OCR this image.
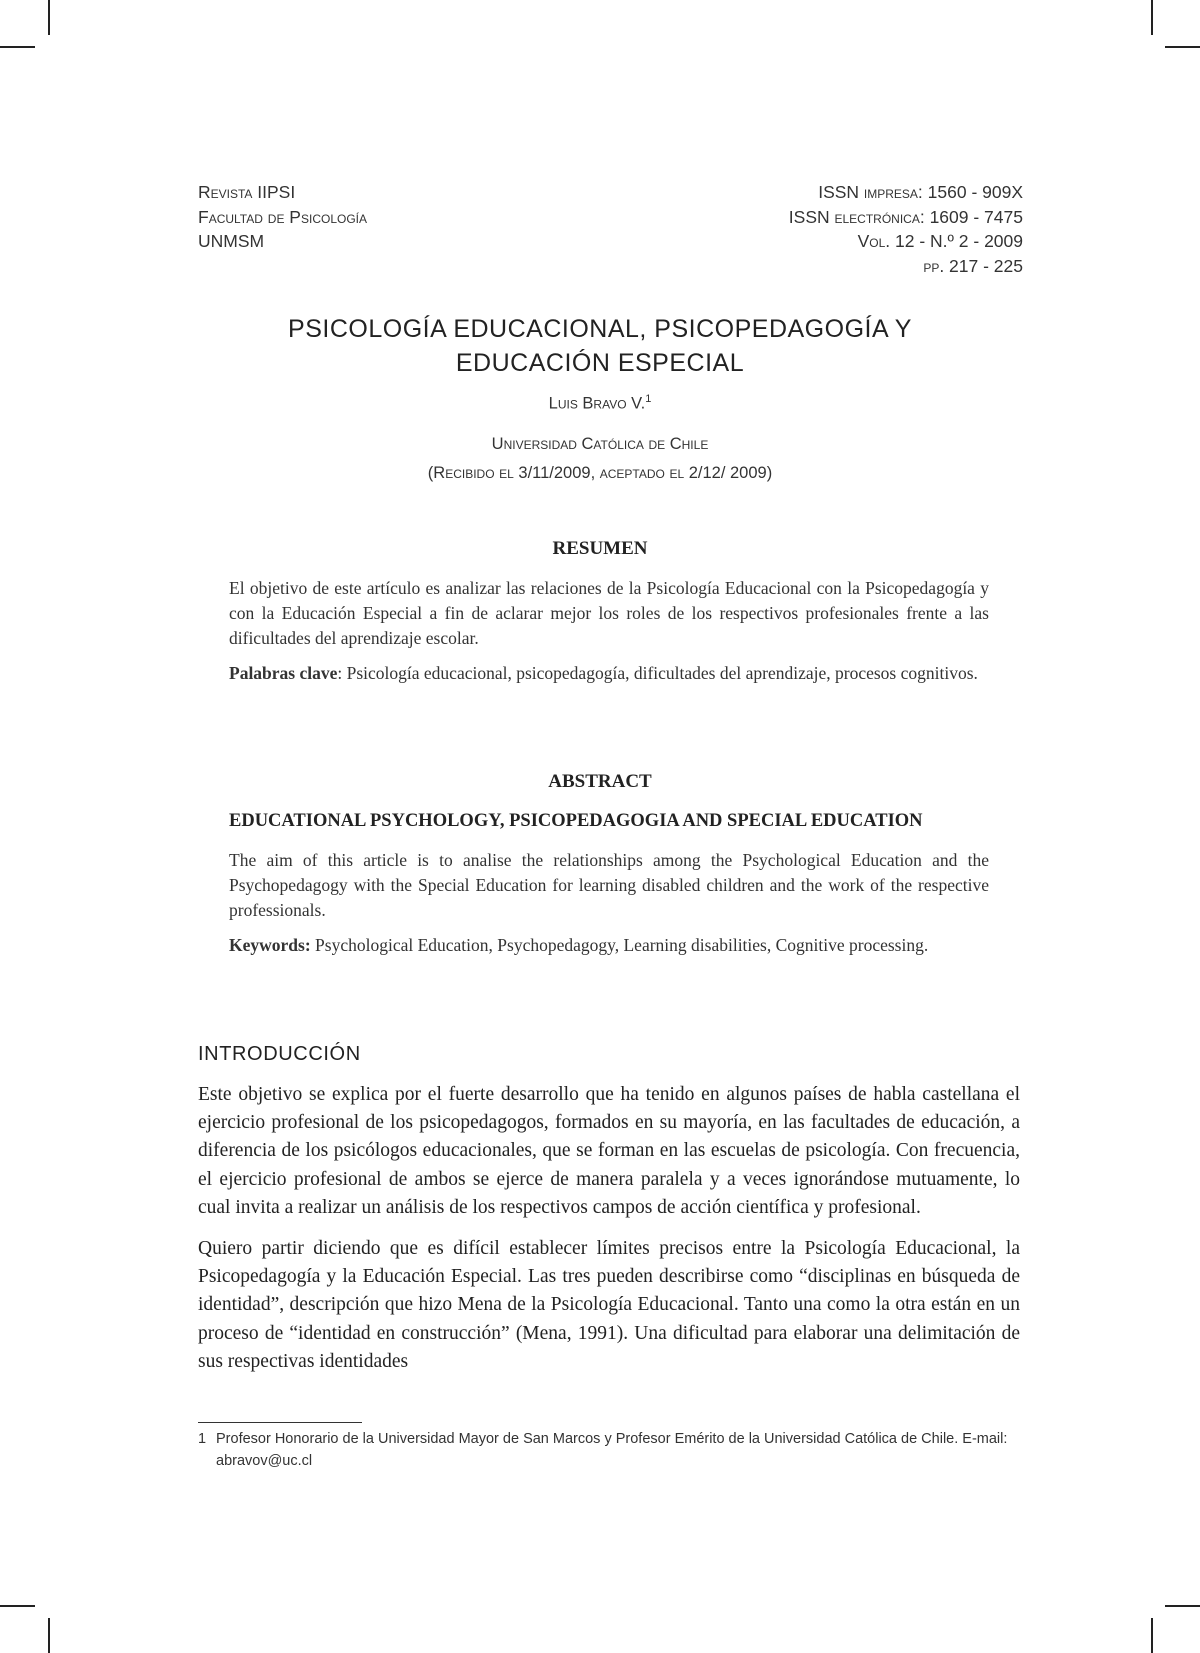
Revista IIPSI
Facultad de Psicología
UNMSM
ISSN impresa: 1560 - 909X
ISSN electrónica: 1609 - 7475
Vol. 12 - N.º 2 - 2009
pp. 217 - 225
PSICOLOGÍA EDUCACIONAL, PSICOPEDAGOGÍA Y
EDUCACIÓN ESPECIAL
Luis Bravo V.$^1$
Universidad Católica de Chile
(Recibido el 3/11/2009, aceptado el 2/12/ 2009)
RESUMEN

El objetivo de este artículo es analizar las relaciones de la Psicología Educacional con la Psicopedagogía y con la Educación Especial a fin de aclarar mejor los roles de los respectivos profesionales frente a las dificultades del aprendizaje escolar.

Palabras clave: Psicología educacional, psicopedagogía, dificultades del aprendizaje, procesos cognitivos.

ABSTRACT
EDUCATIONAL PSYCHOLOGY, PSICOPEDAGOGIA AND SPECIAL EDUCATION

The aim of this article is to analise the relationships among the Psychological Education and the Psychopedagogy with the Special Education for learning disabled children and the work of the respective professionals.

Keywords: Psychological Education, Psychopedagogy, Learning disabilities, Cognitive processing.

INTRODUCCIÓN

Este objetivo se explica por el fuerte desarrollo que ha tenido en algunos países de habla castellana el ejercicio profesional de los psicopedagogos, formados en su mayoría, en las facultades de educación, a diferencia de los psicólogos educacionales, que se forman en las escuelas de psicología. Con frecuencia, el ejercicio profesional de ambos se ejerce de manera paralela y a veces ignorándose mutuamente, lo cual invita a realizar un análisis de los respectivos campos de acción científica y profesional.

Quiero partir diciendo que es difícil establecer límites precisos entre la Psicología Educacional, la Psicopedagogía y la Educación Especial. Las tres pueden describirse como “disciplinas en búsqueda de identidad”, descripción que hizo Mena de la Psicología Educacional. Tanto una como la otra están en un proceso de “identidad en construcción” (Mena, 1991). Una dificultad para elaborar una delimitación de sus respectivas identidades

1 Profesor Honorario de la Universidad Mayor de San Marcos y Profesor Emérito de la Universidad Católica de Chile. E-mail: abravov@uc.cl
